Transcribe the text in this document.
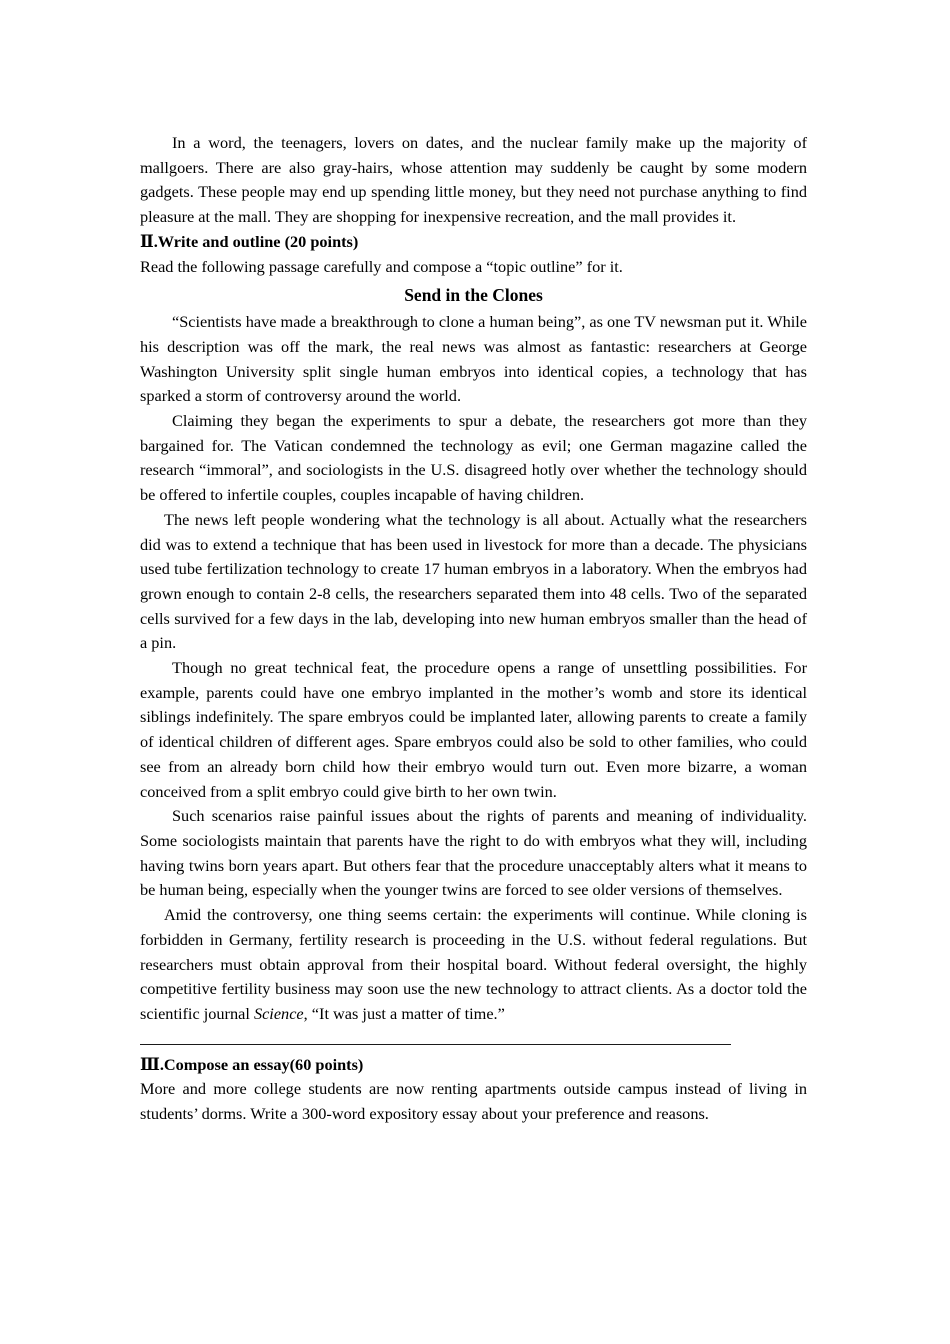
In a word, the teenagers, lovers on dates, and the nuclear family make up the majority of mallgoers. There are also gray-hairs, whose attention may suddenly be caught by some modern gadgets. These people may end up spending little money, but they need not purchase anything to find pleasure at the mall. They are shopping for inexpensive recreation, and the mall provides it.

Ⅱ.Write and outline (20 points)
Read the following passage carefully and compose a “topic outline” for it.
Send in the Clones

“Scientists have made a breakthrough to clone a human being”, as one TV newsman put it. While his description was off the mark, the real news was almost as fantastic: researchers at George Washington University split single human embryos into identical copies, a technology that has sparked a storm of controversy around the world.

Claiming they began the experiments to spur a debate, the researchers got more than they bargained for. The Vatican condemned the technology as evil; one German magazine called the research “immoral”, and sociologists in the U.S. disagreed hotly over whether the technology should be offered to infertile couples, couples incapable of having children.

The news left people wondering what the technology is all about. Actually what the researchers did was to extend a technique that has been used in livestock for more than a decade. The physicians used tube fertilization technology to create 17 human embryos in a laboratory. When the embryos had grown enough to contain 2-8 cells, the researchers separated them into 48 cells. Two of the separated cells survived for a few days in the lab, developing into new human embryos smaller than the head of a pin.

Though no great technical feat, the procedure opens a range of unsettling possibilities. For example, parents could have one embryo implanted in the mother’s womb and store its identical siblings indefinitely. The spare embryos could be implanted later, allowing parents to create a family of identical children of different ages. Spare embryos could also be sold to other families, who could see from an already born child how their embryo would turn out. Even more bizarre, a woman conceived from a split embryo could give birth to her own twin.

Such scenarios raise painful issues about the rights of parents and meaning of individuality. Some sociologists maintain that parents have the right to do with embryos what they will, including having twins born years apart. But others fear that the procedure unacceptably alters what it means to be human being, especially when the younger twins are forced to see older versions of themselves.

Amid the controversy, one thing seems certain: the experiments will continue. While cloning is forbidden in Germany, fertility research is proceeding in the U.S. without federal regulations. But researchers must obtain approval from their hospital board. Without federal oversight, the highly competitive fertility business may soon use the new technology to attract clients. As a doctor told the scientific journal Science, “It was just a matter of time.”

Ⅲ.Compose an essay(60 points)

More and more college students are now renting apartments outside campus instead of living in students’ dorms. Write a 300-word expository essay about your preference and reasons.
